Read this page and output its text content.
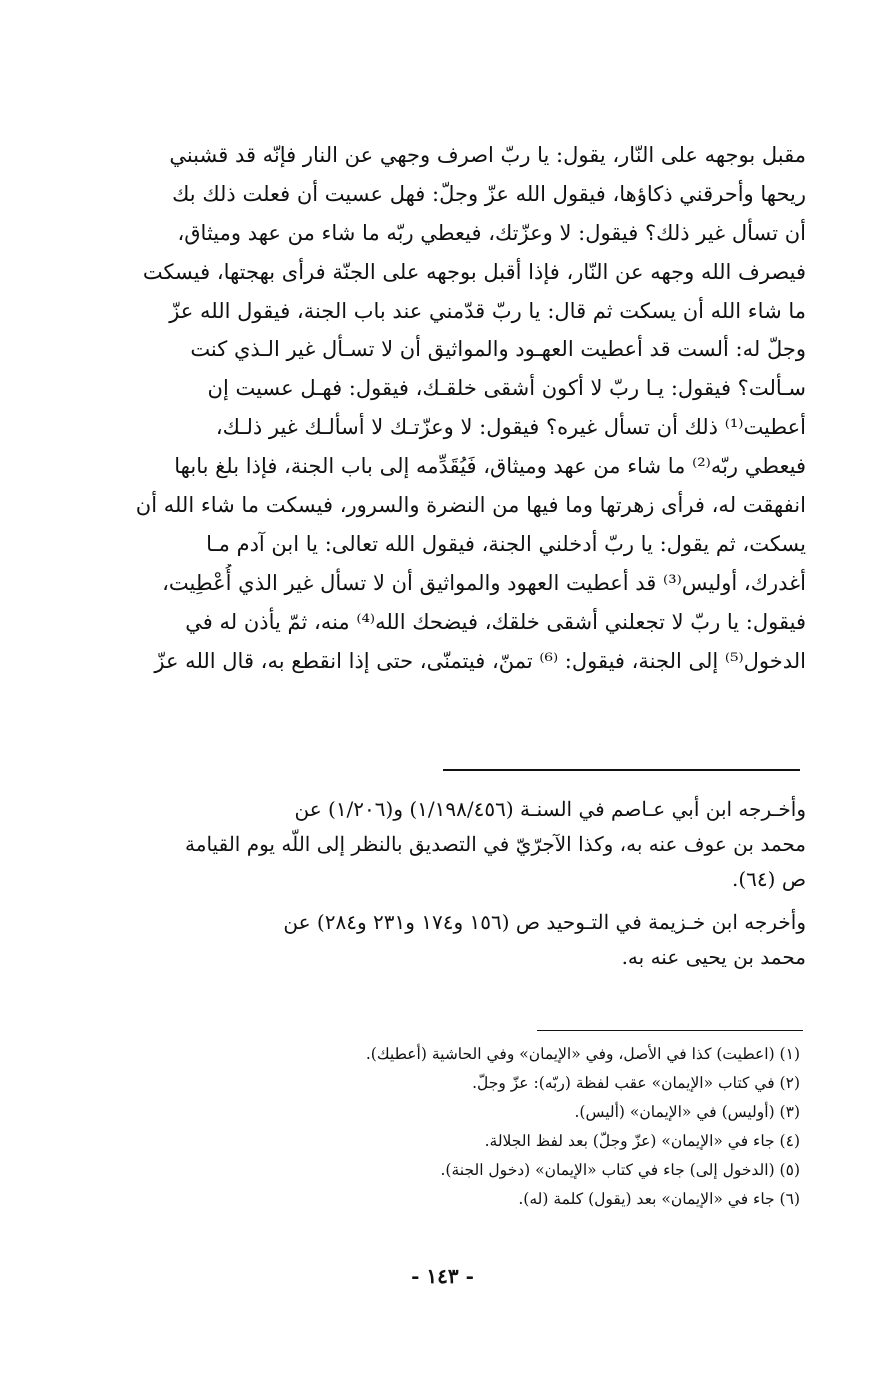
مقبل بوجهه على النّار، يقول: يا ربّ اصرف وجهي عن النار فإنّه قد قشبني
ريحها وأحرقني ذكاؤها، فيقول الله عزّ وجلّ: فهل عسيت أن فعلت ذلك بك
أن تسأل غير ذلك؟ فيقول: لا وعزّتك، فيعطي ربّه ما شاء من عهد وميثاق،
فيصرف الله وجهه عن النّار، فإذا أقبل بوجهه على الجنّة فرأى بهجتها، فيسكت
ما شاء الله أن يسكت ثم قال: يا ربّ قدّمني عند باب الجنة، فيقول الله عزّ
وجلّ له: ألست قد أعطيت العهـود والمواثيق أن لا تسـأل غير الـذي كنت
سـألت؟ فيقول: يـا ربّ لا أكون أشقى خلقـك، فيقول: فهـل عسيت إن
أعطيت⁽¹⁾ ذلك أن تسأل غيره؟ فيقول: لا وعزّتـك لا أسألـك غير ذلـك،
فيعطي ربّه⁽²⁾ ما شاء من عهد وميثاق، فَيُقَدِّمه إلى باب الجنة، فإذا بلغ بابها
انفهقت له، فرأى زهرتها وما فيها من النضرة والسرور، فيسكت ما شاء الله أن
يسكت، ثم يقول: يا ربّ أدخلني الجنة، فيقول الله تعالى: يا ابن آدم مـا
أغدرك، أوليس⁽³⁾ قد أعطيت العهود والمواثيق أن لا تسأل غير الذي أُعْطِيت،
فيقول: يا ربّ لا تجعلني أشقى خلقك، فيضحك الله⁽⁴⁾ منه، ثمّ يأذن له في
الدخول⁽⁵⁾ إلى الجنة، فيقول: ⁽⁶⁾ تمنّ، فيتمنّى، حتى إذا انقطع به، قال الله عزّ
وأخـرجه ابن أبي عـاصم في السنـة (١/١٩٨/٤٥٦) و(١/٢٠٦) عن
محمد بن عوف عنه به، وكذا الآجرّيّ في التصديق بالنظر إلى اللّه يوم القيامة
ص (٦٤).
وأخرجه ابن خـزيمة في التـوحيد ص (١٥٦ و١٧٤ و٢٣١ و٢٨٤) عن
محمد بن يحيى عنه به.
(١) (اعطيت) كذا في الأصل، وفي «الإيمان» وفي الحاشية (أعطيك).
(٢) في كتاب «الإيمان» عقب لفظة (ربّه): عزّ وجلّ.
(٣) (أوليس) في «الإيمان» (أليس).
(٤) جاء في «الإيمان» (عزّ وجلّ) بعد لفظ الجلالة.
(٥) (الدخول إلى) جاء في كتاب «الإيمان» (دخول الجنة).
(٦) جاء في «الإيمان» بعد (يقول) كلمة (له).
- ١٤٣ -
